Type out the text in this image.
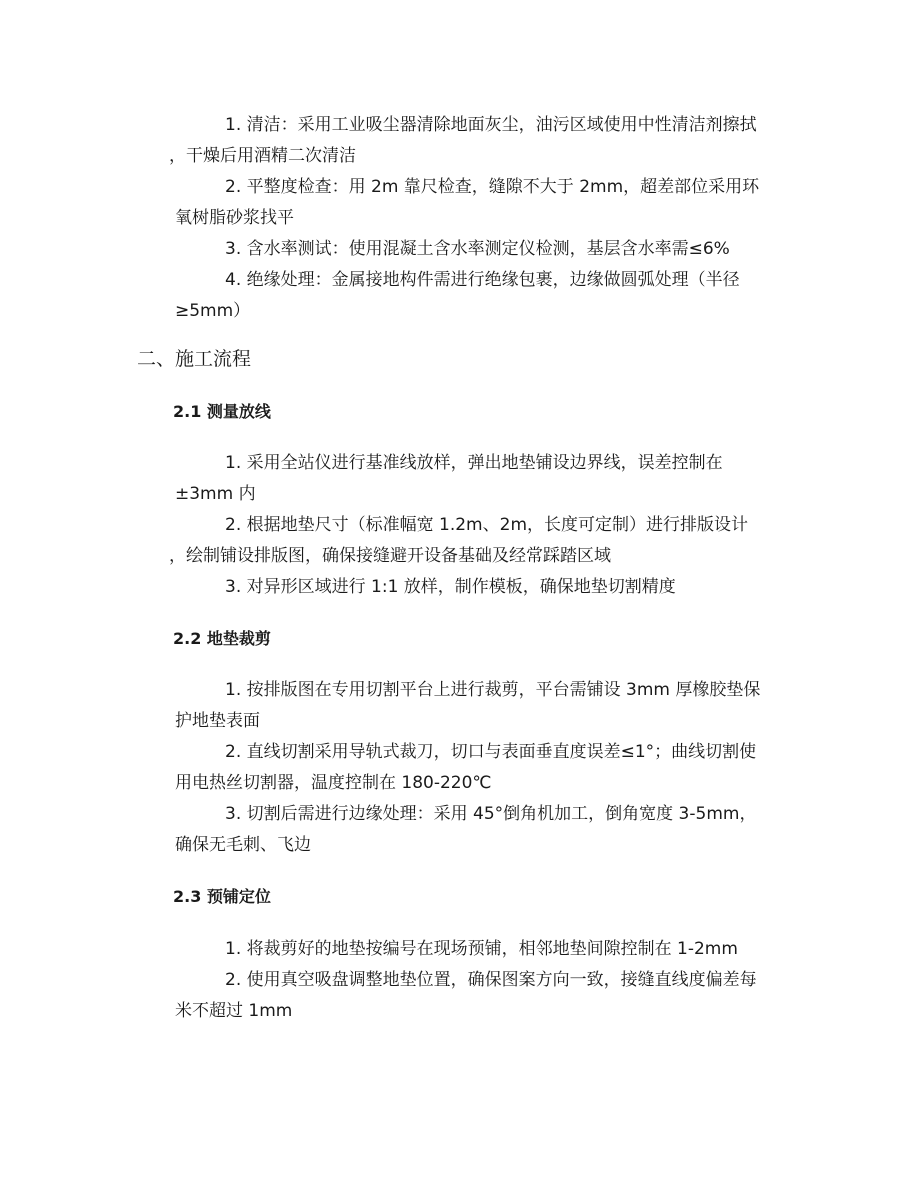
1. 清洁：采用工业吸尘器清除地面灰尘，油污区域使用中性清洁剂擦拭
，干燥后用酒精二次清洁
2. 平整度检查：用 2m 靠尺检查，缝隙不大于 2mm，超差部位采用环
氧树脂砂浆找平
3. 含水率测试：使用混凝土含水率测定仪检测，基层含水率需≤6%
4. 绝缘处理：金属接地构件需进行绝缘包裹，边缘做圆弧处理（半径
≥5mm）
二、施工流程
2.1 测量放线
1. 采用全站仪进行基准线放样，弹出地垫铺设边界线，误差控制在
±3mm 内
2. 根据地垫尺寸（标准幅宽 1.2m、2m，长度可定制）进行排版设计
，绘制铺设排版图，确保接缝避开设备基础及经常踩踏区域
3. 对异形区域进行 1:1 放样，制作模板，确保地垫切割精度
2.2 地垫裁剪
1. 按排版图在专用切割平台上进行裁剪，平台需铺设 3mm 厚橡胶垫保
护地垫表面
2. 直线切割采用导轨式裁刀，切口与表面垂直度误差≤1°；曲线切割使
用电热丝切割器，温度控制在 180-220℃
3. 切割后需进行边缘处理：采用 45°倒角机加工，倒角宽度 3-5mm，
确保无毛刺、飞边
2.3 预铺定位
1. 将裁剪好的地垫按编号在现场预铺，相邻地垫间隙控制在 1-2mm
2. 使用真空吸盘调整地垫位置，确保图案方向一致，接缝直线度偏差每
米不超过 1mm
